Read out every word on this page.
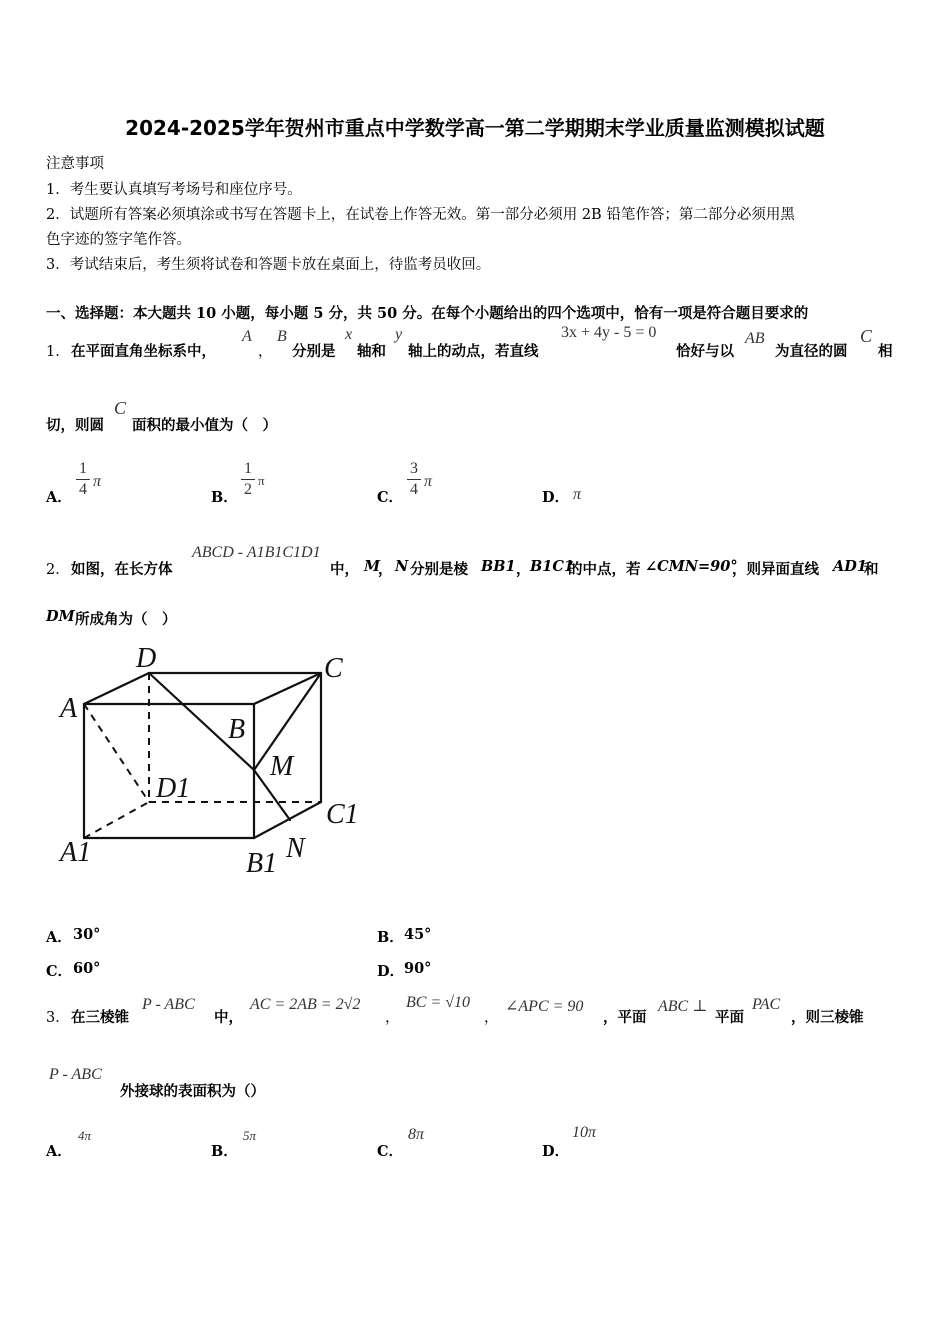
2024-2025学年贺州市重点中学数学高一第二学期期末学业质量监测模拟试题
注意事项
1．考生要认真填写考场号和座位序号。
2．试题所有答案必须填涂或书写在答题卡上，在试卷上作答无效。第一部分必须用 2B 铅笔作答；第二部分必须用黑
色字迹的签字笔作答。
3．考试结束后，考生须将试卷和答题卡放在桌面上，待监考员收回。
一、选择题：本大题共 10 小题，每小题 5 分，共 50 分。在每个小题给出的四个选项中，恰有一项是符合题目要求的
1． 在平面直角坐标系中，
A
，
B
分别是
x
轴和
y
轴上的动点，若直线
3x + 4y - 5 = 0
恰好与以
AB
为直径的圆
C
相
切，则圆
C
面积的最小值为（　）
A．
1
4 π
B．
1
2
π
C．
3
4 π
D． π
2． 如图，在长方体
ABCD - A1B1C1D1
中， M
， N 分别是棱 BB1 ， B1C1
的中点，若 ∠CMN=90°
，则异面直线 AD1
和
DM 所成角为（　）
D	C
A
B
M
D1
C1
A1	B1 N
A． 30°	B． 45°
C． 60°	D． 90°
3． 在三棱锥
P - ABC
中，
AC = 2AB = 2√2
，
BC = √10
，
∠APC = 90
，平面
ABC ⊥
平面
PAC
，则三棱锥
P - ABC
外接球的表面积为（）
A．
4π
B．
5π
C．
8π
D．
10π
